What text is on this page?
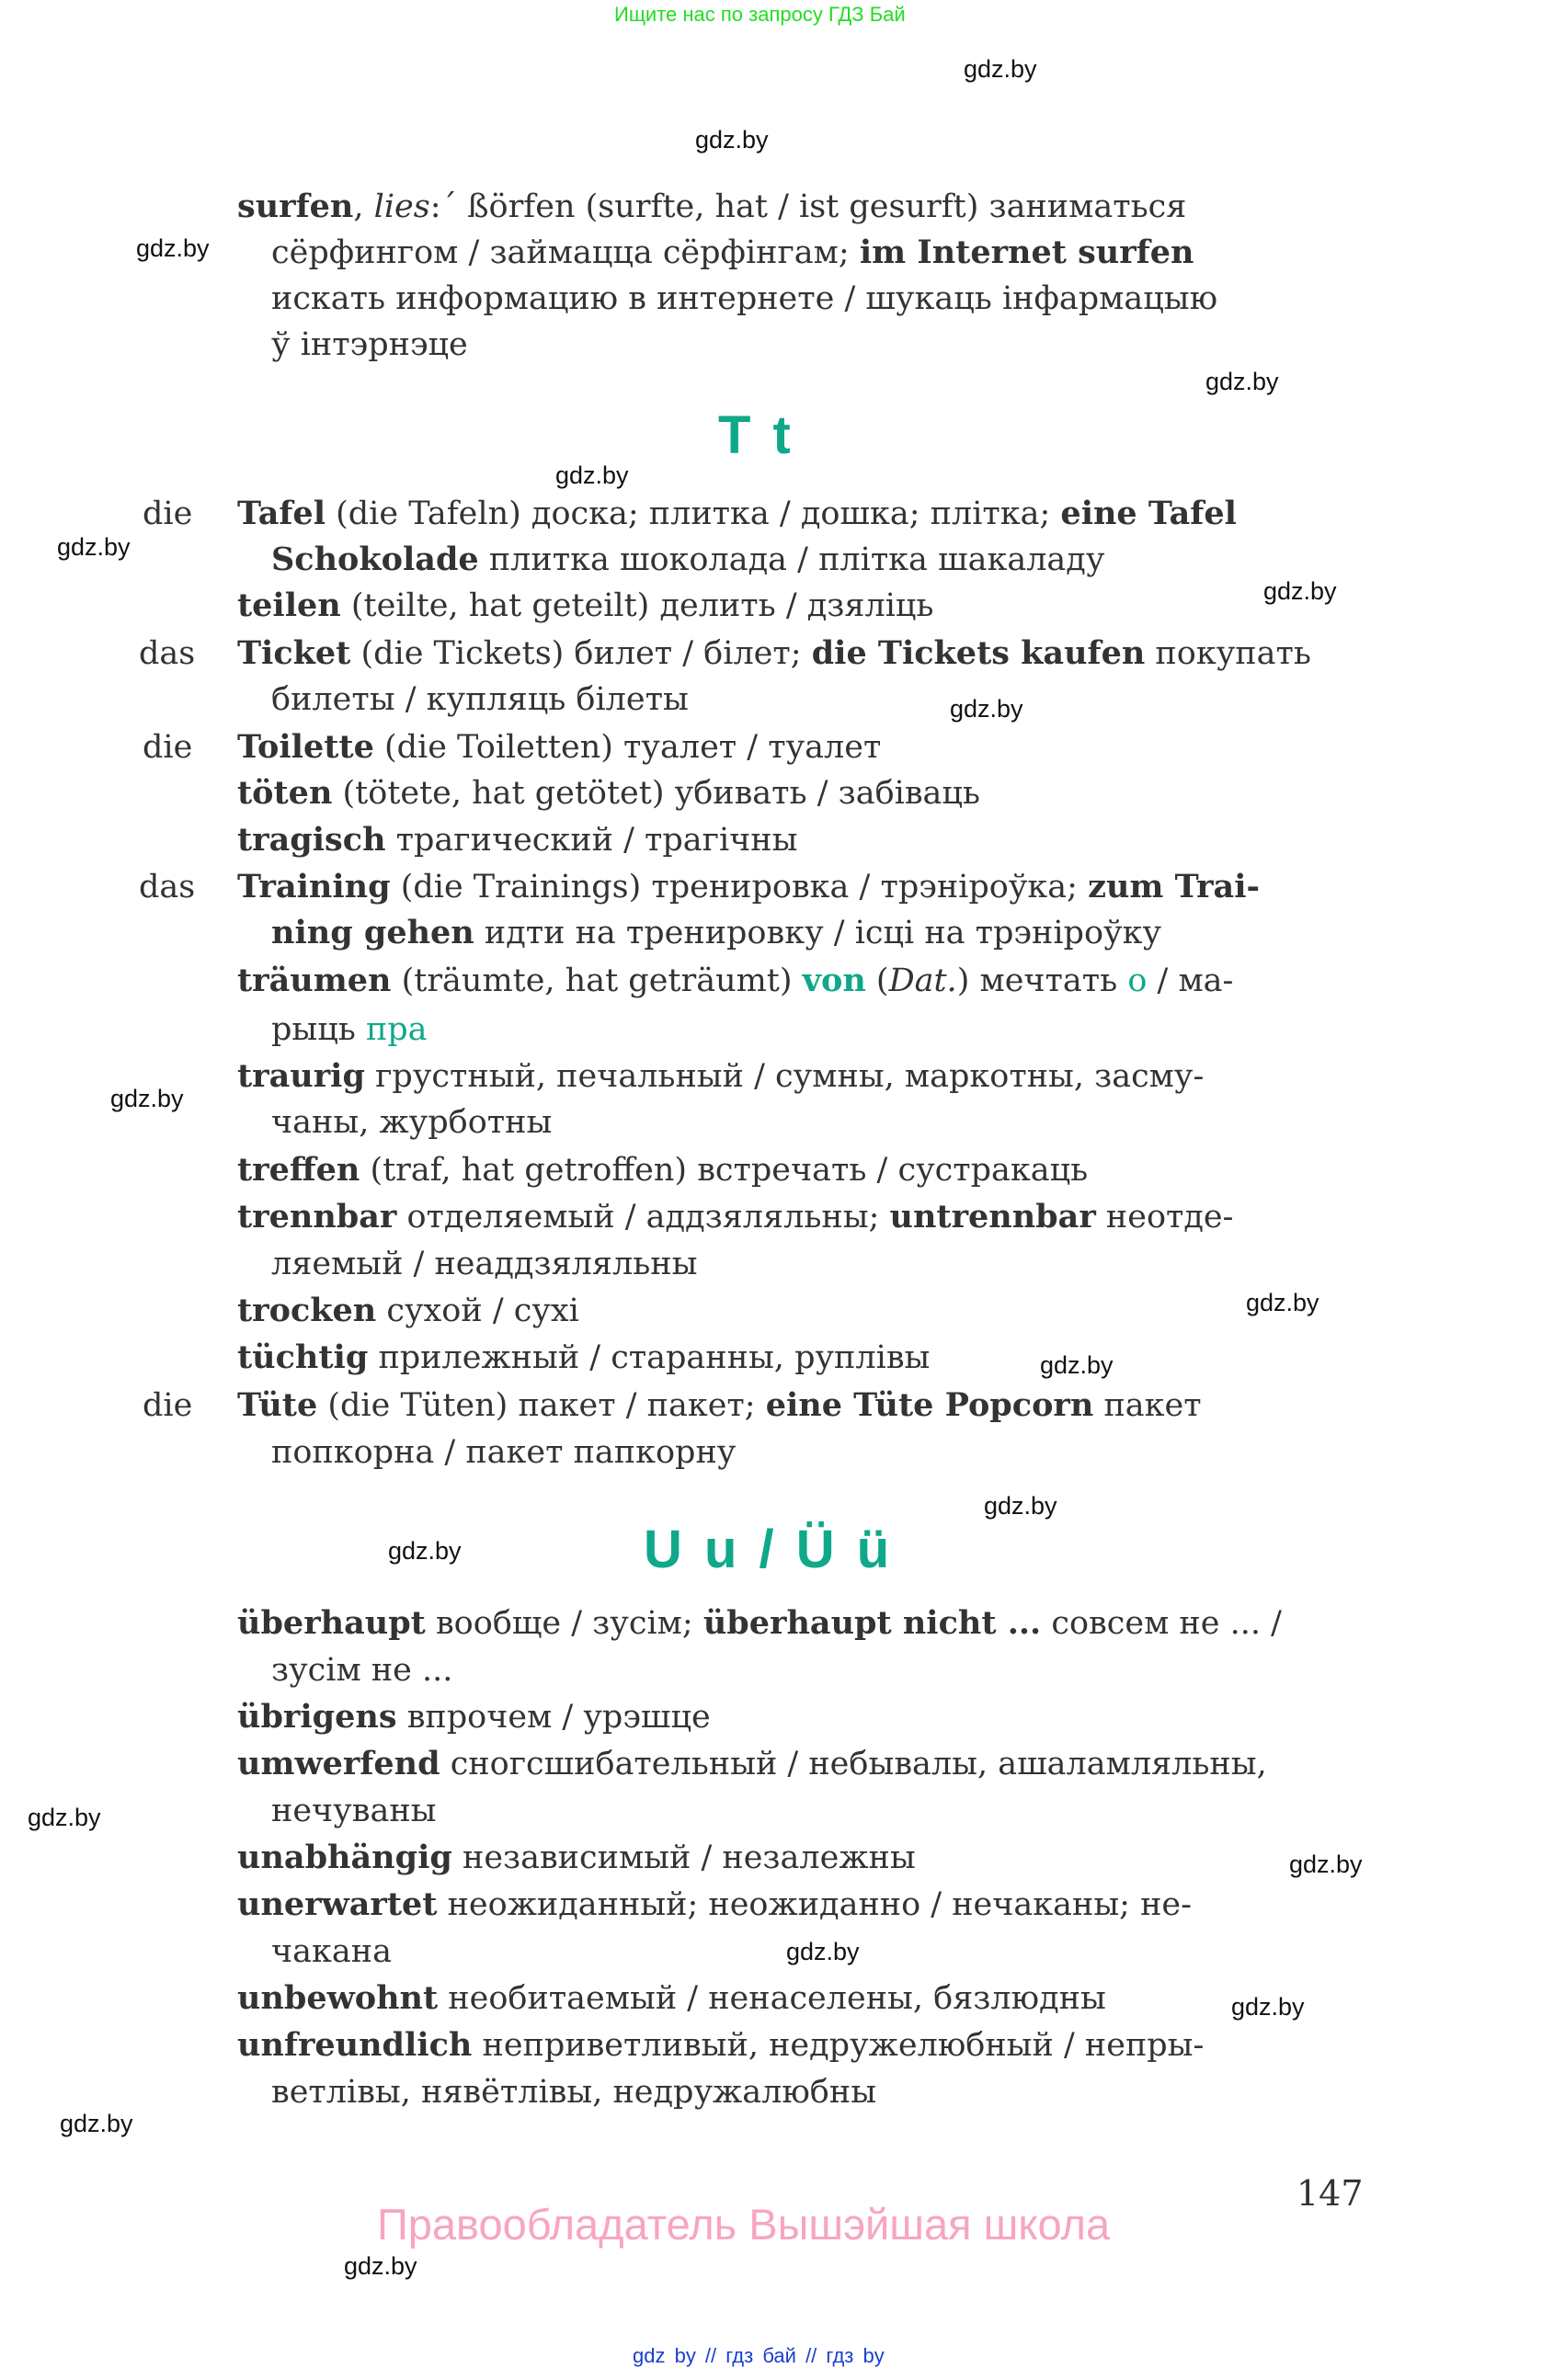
Ищите нас по запросу ГДЗ Бай
gdz.by
gdz.by
gdz.by
gdz.by
gdz.by
gdz.by
gdz.by
gdz.by
gdz.by
gdz.by
gdz.by
gdz.by
gdz.by
gdz.by
gdz.by
gdz.by
gdz.by
gdz.by
gdz.by
surfen, lies:´ ßörfen (surfte, hat / ist gesurft) заниматься
сёрфингом / займацца сёрфінгам; im Internet surfen
искать информацию в интернете / шукаць інфармацыю
ў інтэрнэце
T t
die Tafel (die Tafeln) доска; плитка / дошка; плітка; eine Tafel
Schokolade плитка шоколада / плітка шакаладу
teilen (teilte, hat geteilt) делить / дзяліць
das Ticket (die Tickets) билет / білет; die Tickets kaufen покупать
билеты / купляць білеты
die Toilette (die Toiletten) туалет / туалет
töten (tötete, hat getötet) убивать / забіваць
tragisch трагический / трагічны
das Training (die Trainings) тренировка / трэніроўка; zum Trai-
ning gehen идти на тренировку / ісці на трэніроўку
träumen (träumte, hat geträumt) von (Dat.) мечтать о / ма-
рыць пра
traurig грустный, печальный / сумны, маркотны, засму-
чаны, журботны
treffen (traf, hat getroffen) встречать / сустракаць
trennbar отделяемый / аддзяляльны; untrennbar неотде-
ляемый / неаддзяляльны
trocken сухой / сухі
tüchtig прилежный / старанны, руплівы
die Tüte (die Tüten) пакет / пакет; eine Tüte Popcorn пакет
попкорна / пакет папкорну
U u / Ü ü
überhaupt вообще / зусім; überhaupt nicht ... совсем не ... /
зусім не ...
übrigens впрочем / урэшце
umwerfend сногсшибательный / небывалы, ашаламляльны,
нечуваны
unabhängig независимый / незалежны
unerwartet неожиданный; неожиданно / нечаканы; не-
чакана
unbewohnt необитаемый / ненаселены, бязлюдны
unfreundlich неприветливый, недружелюбный / непры-
ветлівы, нявётлівы, недружалюбны
147
Правообладатель Вышэйшая школа
gdz by // гдз бай // гдз by
